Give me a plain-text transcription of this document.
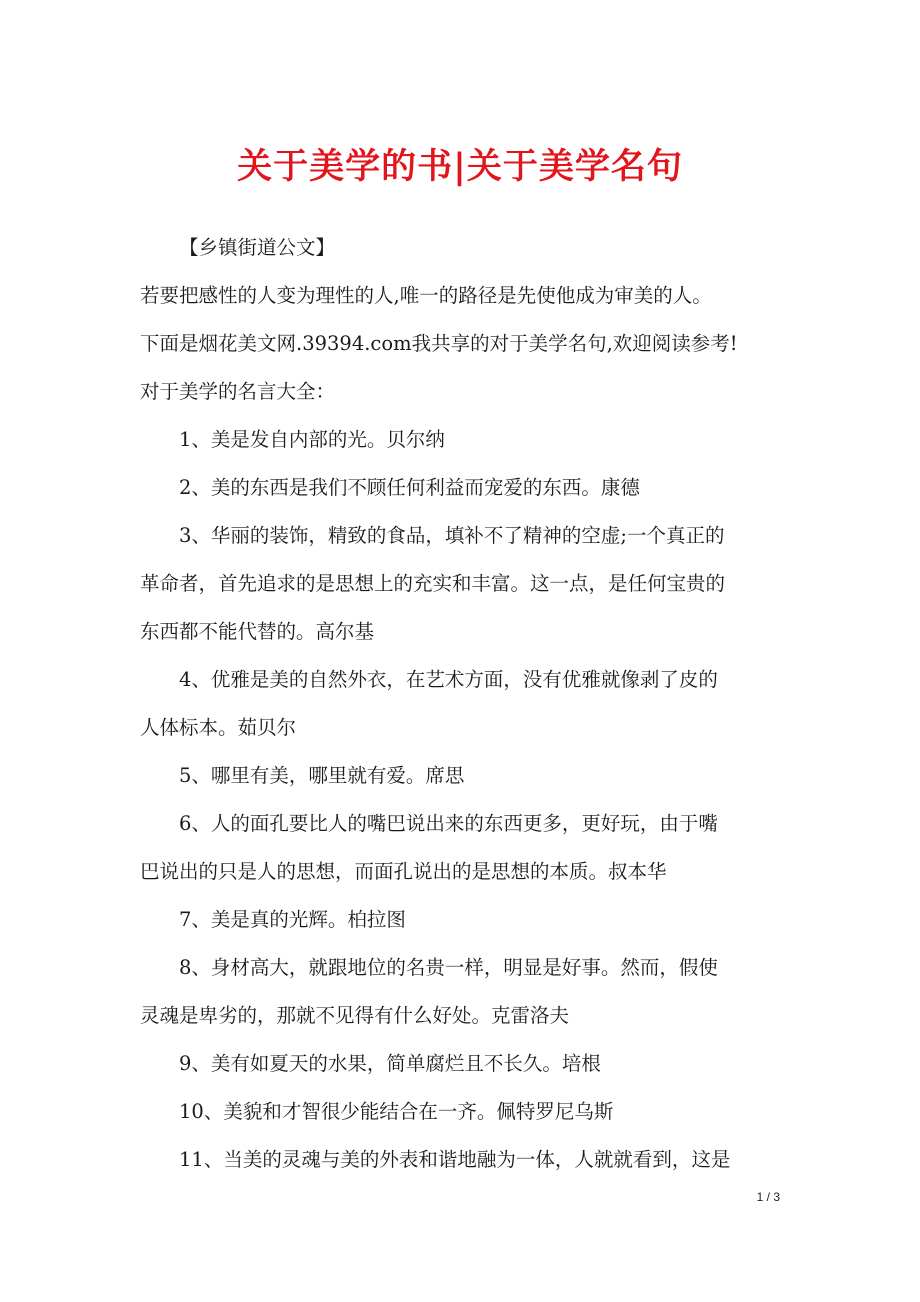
关于美学的书|关于美学名句
【乡镇街道公文】
若要把感性的人变为理性的人,唯一的路径是先使他成为审美的人。
下面是烟花美文网.39394.com我共享的对于美学名句,欢迎阅读参考!
对于美学的名言大全：
1、美是发自内部的光。贝尔纳
2、美的东西是我们不顾任何利益而宠爱的东西。康德
3、华丽的装饰，精致的食品，填补不了精神的空虚;一个真正的
革命者，首先追求的是思想上的充实和丰富。这一点，是任何宝贵的
东西都不能代替的。高尔基
4、优雅是美的自然外衣，在艺术方面，没有优雅就像剥了皮的
人体标本。茹贝尔
5、哪里有美，哪里就有爱。席思
6、人的面孔要比人的嘴巴说出来的东西更多，更好玩，由于嘴
巴说出的只是人的思想，而面孔说出的是思想的本质。叔本华
7、美是真的光辉。柏拉图
8、身材高大，就跟地位的名贵一样，明显是好事。然而，假使
灵魂是卑劣的，那就不见得有什么好处。克雷洛夫
9、美有如夏天的水果，简单腐烂且不长久。培根
10、美貌和才智很少能结合在一齐。佩特罗尼乌斯
11、当美的灵魂与美的外表和谐地融为一体，人就就看到，这是
1 / 3
